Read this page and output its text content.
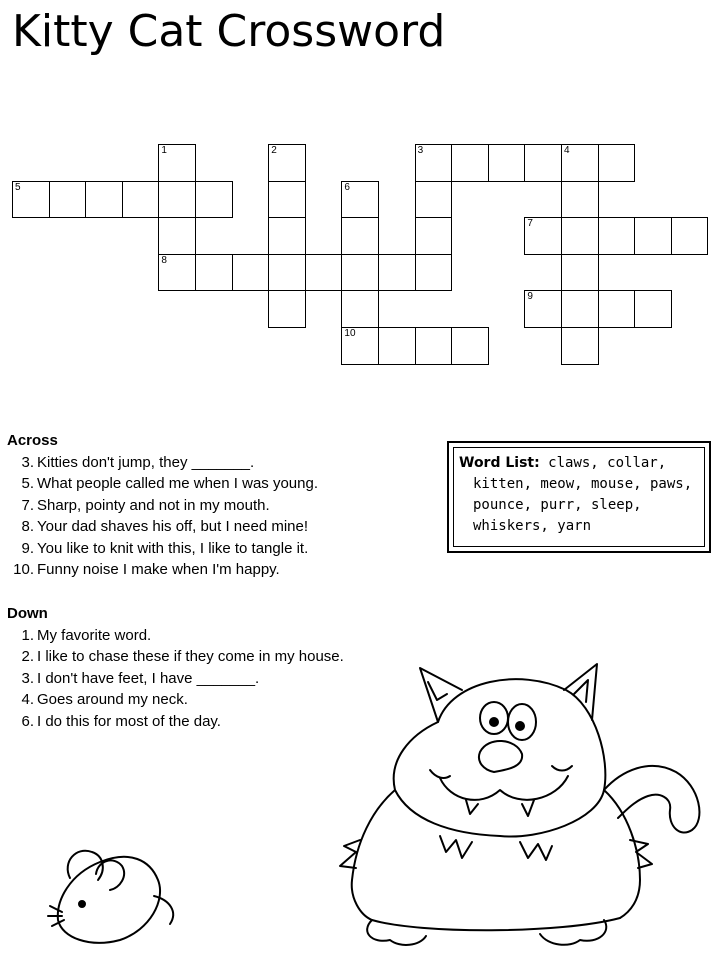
Kitty Cat Crossword
1	2	3	4
5	6
7
8
9
10
Across
3. Kitties don't jump, they _______.
5. What people called me when I was young.
7. Sharp, pointy and not in my mouth.
8. Your dad shaves his off, but I need mine!
9. You like to knit with this, I like to tangle it.
10. Funny noise I make when I'm happy.
Down
1. My favorite word.
2. I like to chase these if they come in my house.
3. I don't have feet, I have _______.
4. Goes around my neck.
6. I do this for most of the day.
Word List: claws, collar,
kitten, meow, mouse, paws,
pounce, purr, sleep,
whiskers, yarn
